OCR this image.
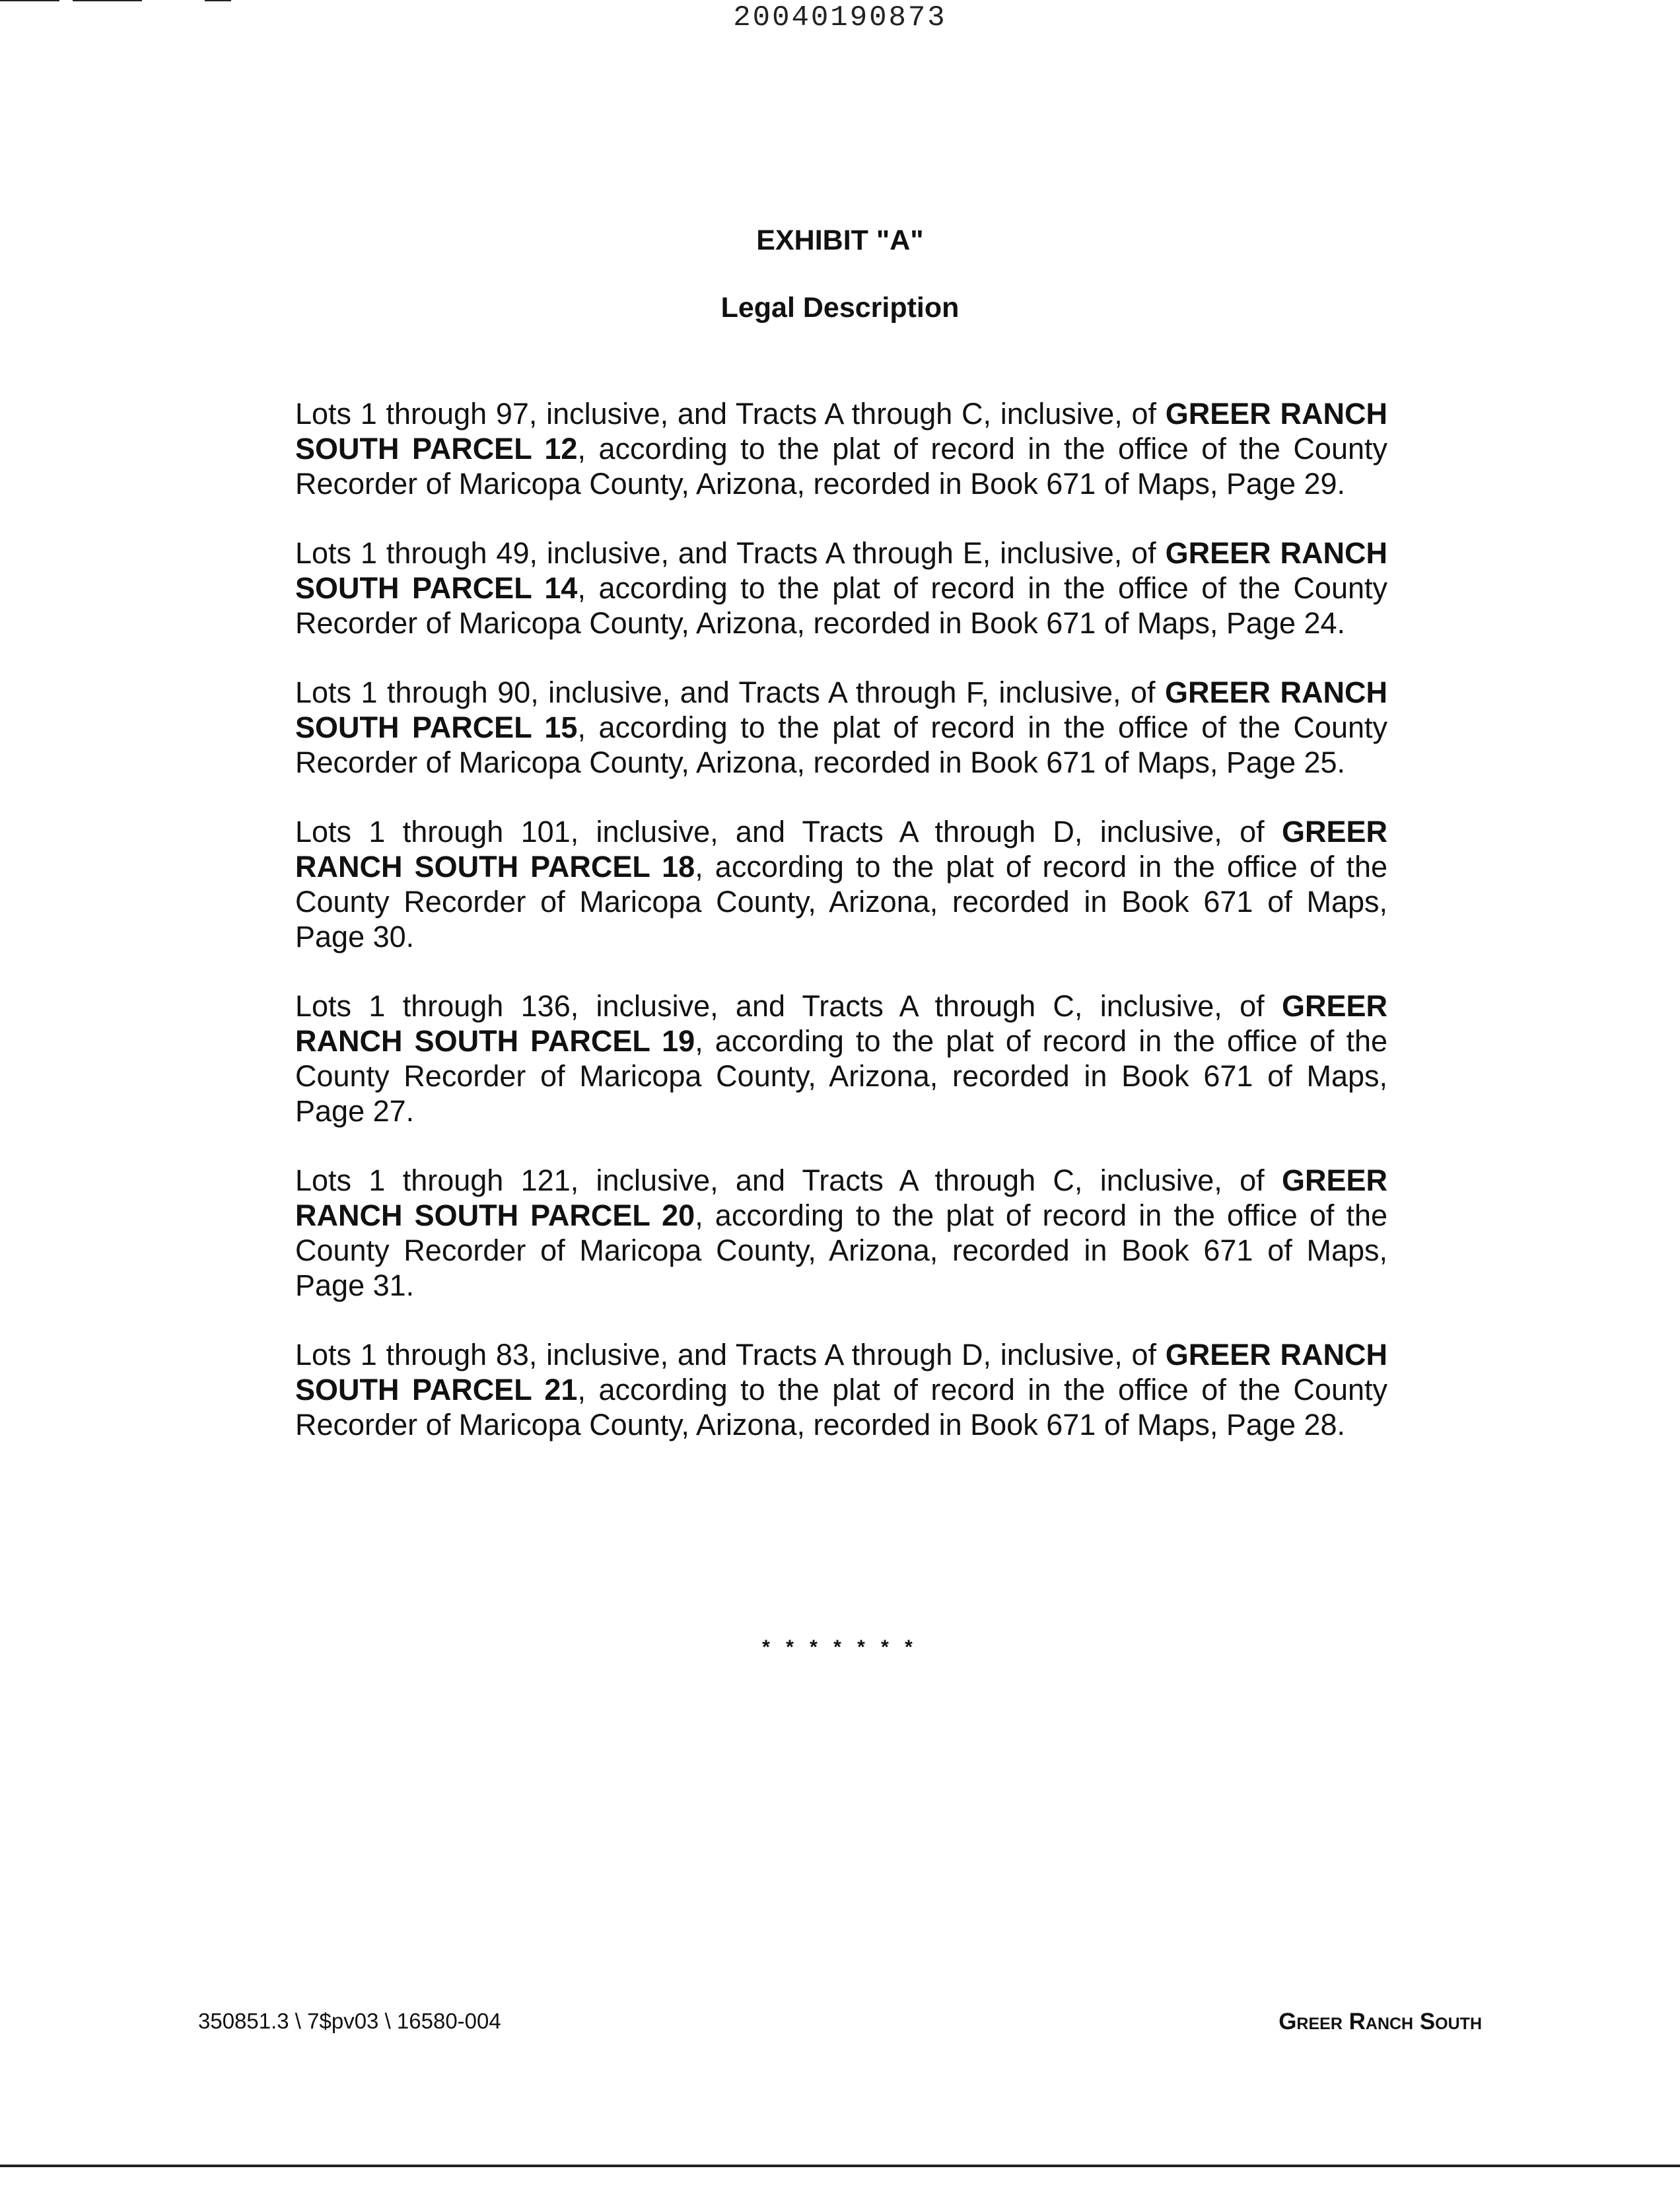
20040190873
EXHIBIT "A"
Legal Description

Lots 1 through 97, inclusive, and Tracts A through C, inclusive, of GREER RANCH SOUTH PARCEL 12, according to the plat of record in the office of the County Recorder of Maricopa County, Arizona, recorded in Book 671 of Maps, Page 29.

Lots 1 through 49, inclusive, and Tracts A through E, inclusive, of GREER RANCH SOUTH PARCEL 14, according to the plat of record in the office of the County Recorder of Maricopa County, Arizona, recorded in Book 671 of Maps, Page 24.

Lots 1 through 90, inclusive, and Tracts A through F, inclusive, of GREER RANCH SOUTH PARCEL 15, according to the plat of record in the office of the County Recorder of Maricopa County, Arizona, recorded in Book 671 of Maps, Page 25.

Lots 1 through 101, inclusive, and Tracts A through D, inclusive, of GREER RANCH SOUTH PARCEL 18, according to the plat of record in the office of the County Recorder of Maricopa County, Arizona, recorded in Book 671 of Maps, Page 30.

Lots 1 through 136, inclusive, and Tracts A through C, inclusive, of GREER RANCH SOUTH PARCEL 19, according to the plat of record in the office of the County Recorder of Maricopa County, Arizona, recorded in Book 671 of Maps, Page 27.

Lots 1 through 121, inclusive, and Tracts A through C, inclusive, of GREER RANCH SOUTH PARCEL 20, according to the plat of record in the office of the County Recorder of Maricopa County, Arizona, recorded in Book 671 of Maps, Page 31.

Lots 1 through 83, inclusive, and Tracts A through D, inclusive, of GREER RANCH SOUTH PARCEL 21, according to the plat of record in the office of the County Recorder of Maricopa County, Arizona, recorded in Book 671 of Maps, Page 28.

* * * * * * *
350851.3 \ 7$pv03 \ 16580-004	Greer Ranch South
